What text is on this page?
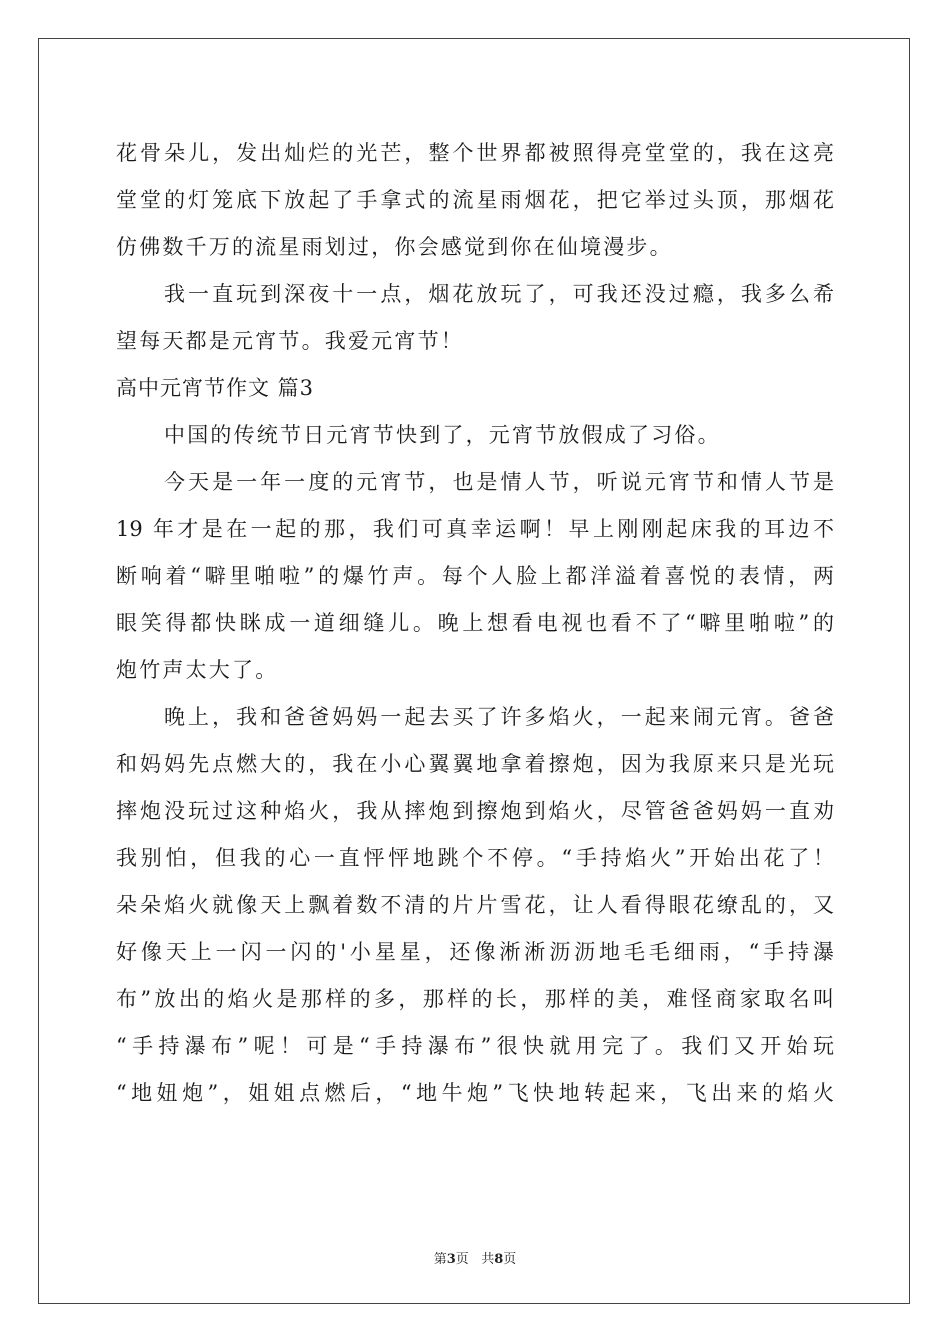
花骨朵儿，发出灿烂的光芒，整个世界都被照得亮堂堂的，我在这亮
堂堂的灯笼底下放起了手拿式的流星雨烟花，把它举过头顶，那烟花
仿佛数千万的流星雨划过，你会感觉到你在仙境漫步。
我一直玩到深夜十一点，烟花放玩了，可我还没过瘾，我多么希
望每天都是元宵节。我爱元宵节！
高中元宵节作文 篇3
中国的传统节日元宵节快到了，元宵节放假成了习俗。
今天是一年一度的元宵节，也是情人节，听说元宵节和情人节是
19 年才是在一起的那，我们可真幸运啊！早上刚刚起床我的耳边不
断响着“噼里啪啦”的爆竹声。每个人脸上都洋溢着喜悦的表情，两
眼笑得都快眯成一道细缝儿。晚上想看电视也看不了“噼里啪啦”的
炮竹声太大了。
晚上，我和爸爸妈妈一起去买了许多焰火，一起来闹元宵。爸爸
和妈妈先点燃大的，我在小心翼翼地拿着擦炮，因为我原来只是光玩
摔炮没玩过这种焰火，我从摔炮到擦炮到焰火，尽管爸爸妈妈一直劝
我别怕，但我的心一直怦怦地跳个不停。“手持焰火”开始出花了！
朵朵焰火就像天上飘着数不清的片片雪花，让人看得眼花缭乱的，又
好像天上一闪一闪的'小星星，还像淅淅沥沥地毛毛细雨，“手持瀑
布”放出的焰火是那样的多，那样的长，那样的美，难怪商家取名叫
“手持瀑布”呢！可是“手持瀑布”很快就用完了。我们又开始玩
“地妞炮”，姐姐点燃后，“地牛炮”飞快地转起来，飞出来的焰火
第3页   共8页
